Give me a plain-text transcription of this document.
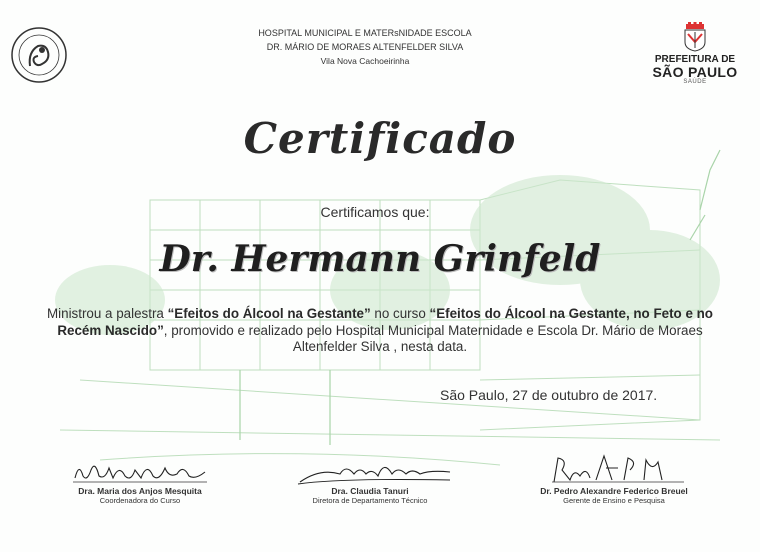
HOSPITAL MUNICIPAL E MATERsNIDADE ESCOLA
DR. MÁRIO DE MORAES ALTENFELDER SILVA
Vila Nova Cachoeirinha	PREFEITURA DE
SÃO PAULO
SAÚDE
Certificado
Certificamos que:
Dr. Hermann Grinfeld
Ministrou a palestra “Efeitos do Álcool na Gestante” no curso “Efeitos do Álcool na Gestante, no Feto e no Recém Nascido”, promovido e realizado pelo Hospital Municipal Maternidade e Escola Dr. Mário de Moraes Altenfelder Silva , nesta data.
São Paulo, 27 de outubro de 2017.
Dra. Maria dos Anjos Mesquita
Coordenadora do Curso
Dra. Claudia Tanuri
Diretora de Departamento Técnico
Dr. Pedro Alexandre Federico Breuel
Gerente de Ensino e Pesquisa
